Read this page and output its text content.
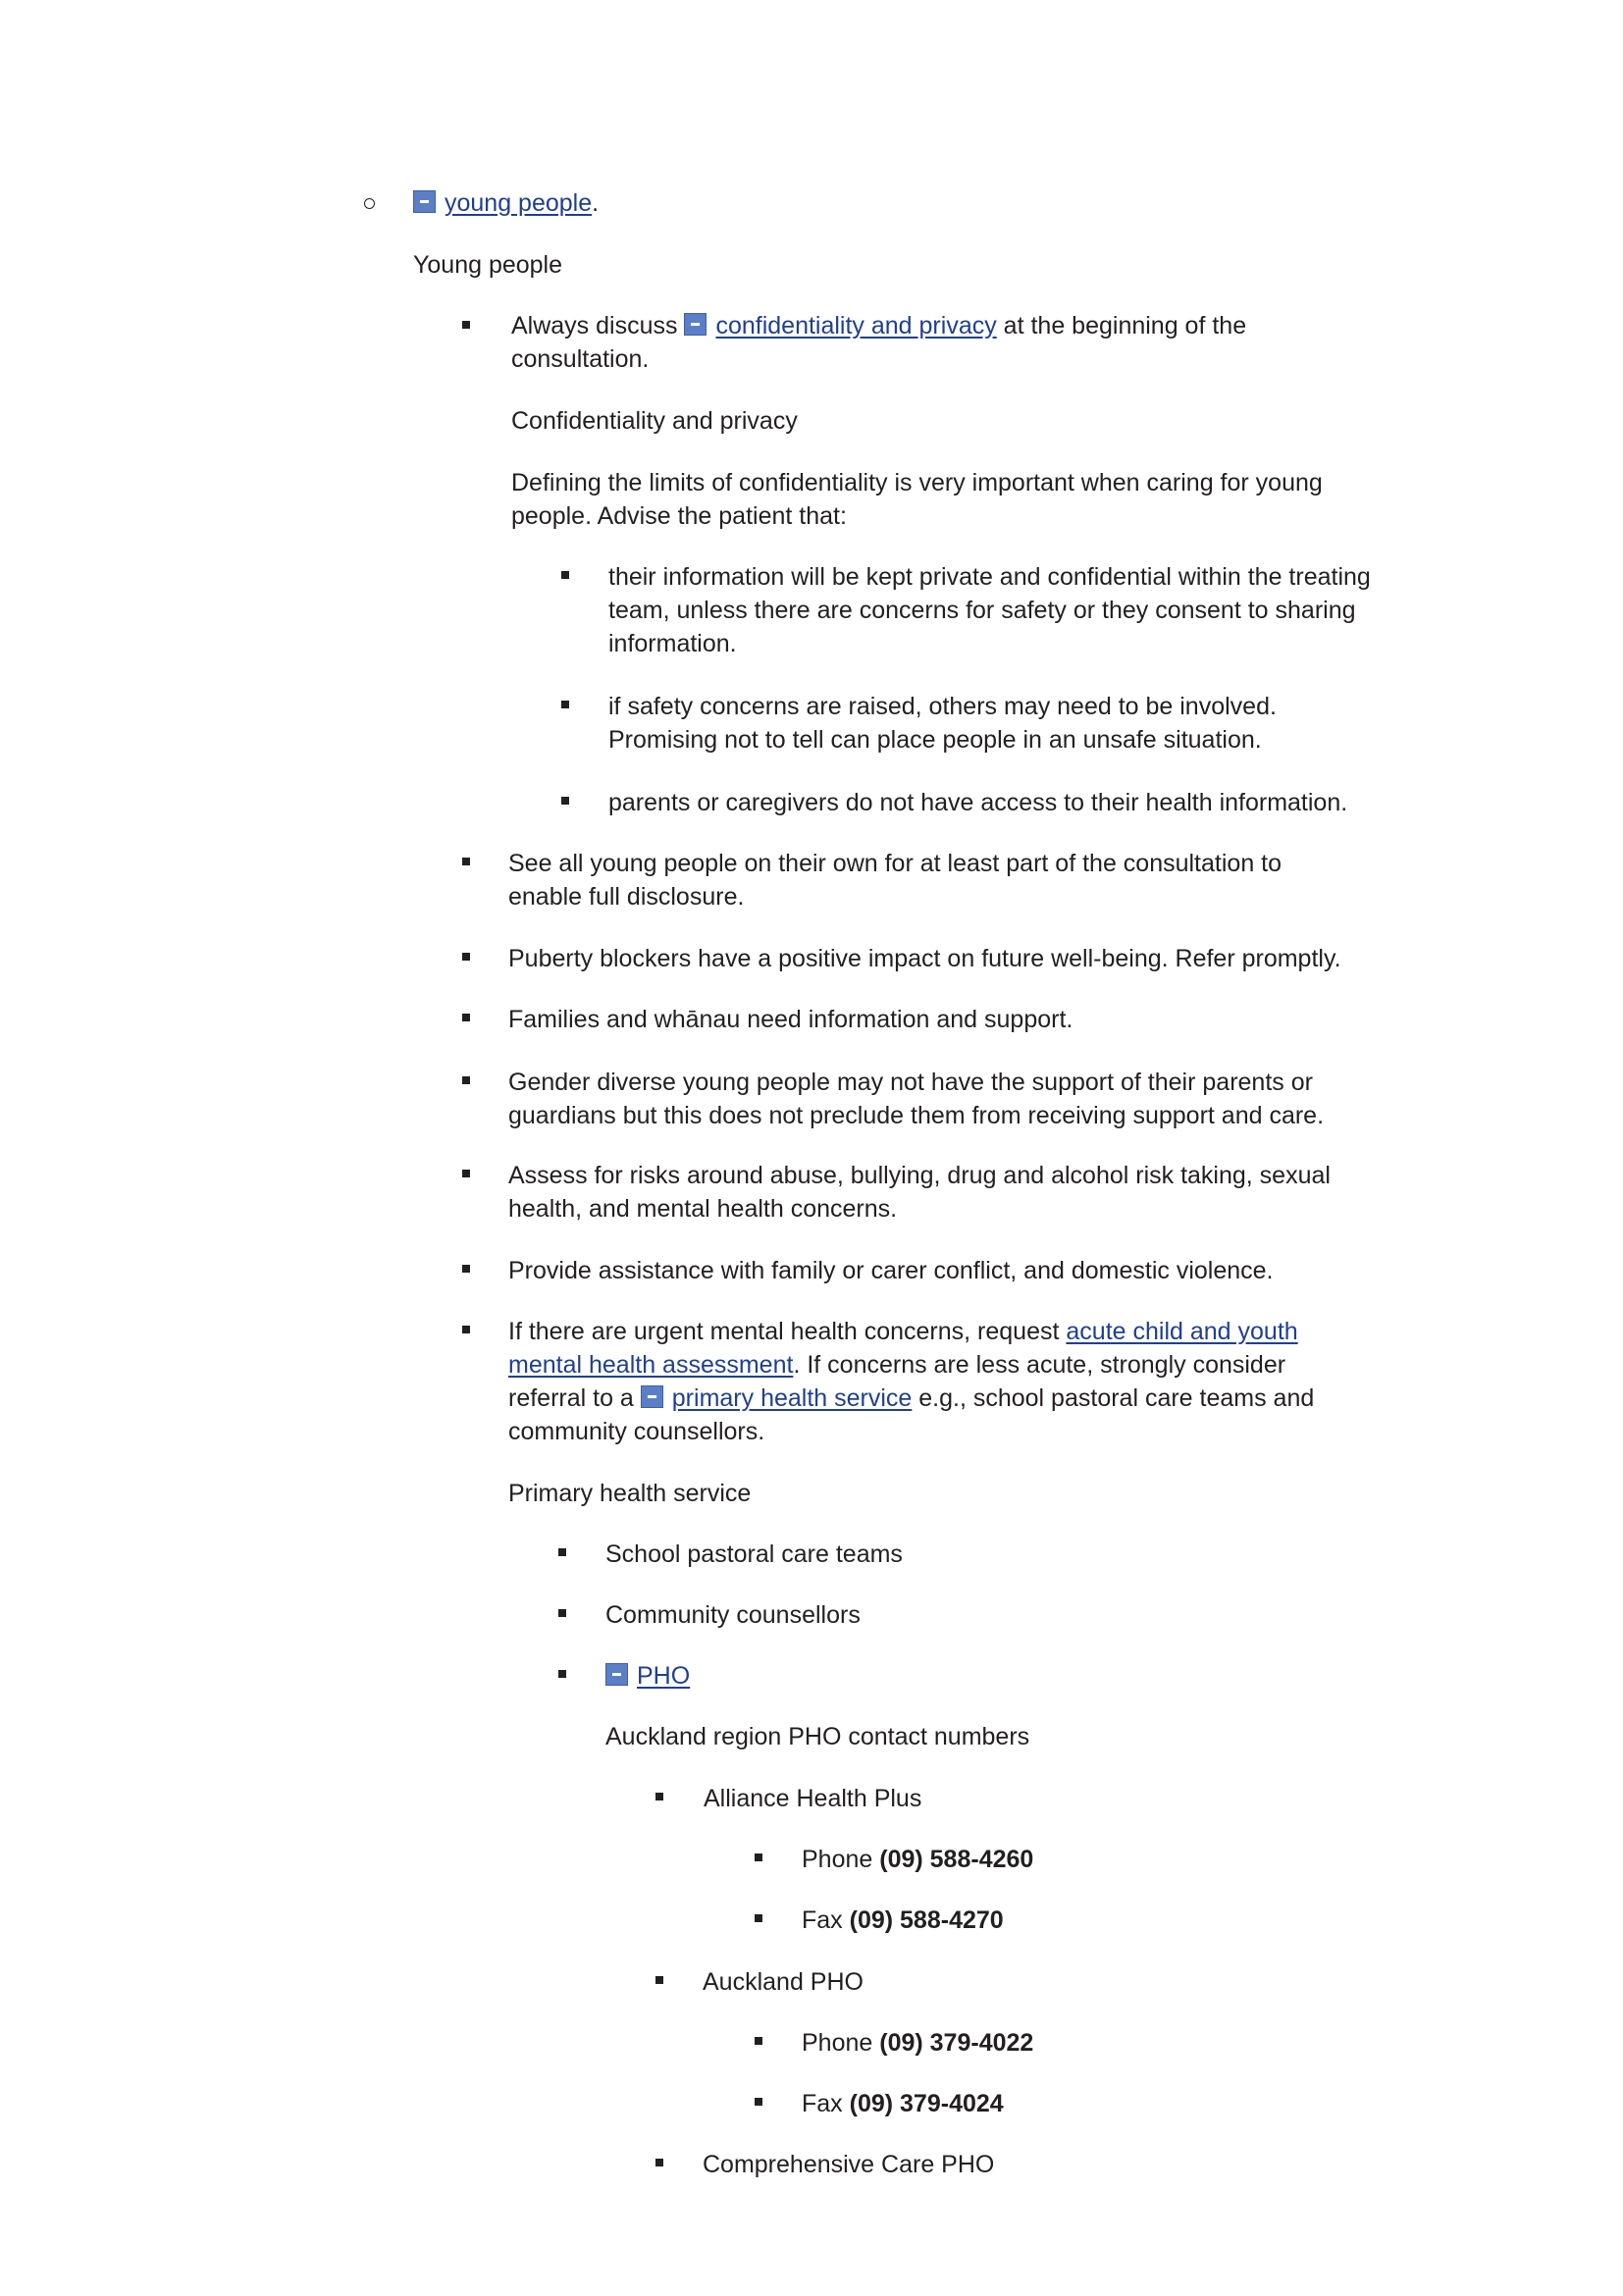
young people.
Young people
Always discuss confidentiality and privacy at the beginning of the consultation.
Confidentiality and privacy
Defining the limits of confidentiality is very important when caring for young people. Advise the patient that:
their information will be kept private and confidential within the treating team, unless there are concerns for safety or they consent to sharing information.
if safety concerns are raised, others may need to be involved. Promising not to tell can place people in an unsafe situation.
parents or caregivers do not have access to their health information.
See all young people on their own for at least part of the consultation to enable full disclosure.
Puberty blockers have a positive impact on future well-being. Refer promptly.
Families and whānau need information and support.
Gender diverse young people may not have the support of their parents or guardians but this does not preclude them from receiving support and care.
Assess for risks around abuse, bullying, drug and alcohol risk taking, sexual health, and mental health concerns.
Provide assistance with family or carer conflict, and domestic violence.
If there are urgent mental health concerns, request acute child and youth mental health assessment. If concerns are less acute, strongly consider referral to a primary health service e.g., school pastoral care teams and community counsellors.
Primary health service
School pastoral care teams
Community counsellors
PHO
Auckland region PHO contact numbers
Alliance Health Plus
Phone (09) 588-4260
Fax (09) 588-4270
Auckland PHO
Phone (09) 379-4022
Fax (09) 379-4024
Comprehensive Care PHO
